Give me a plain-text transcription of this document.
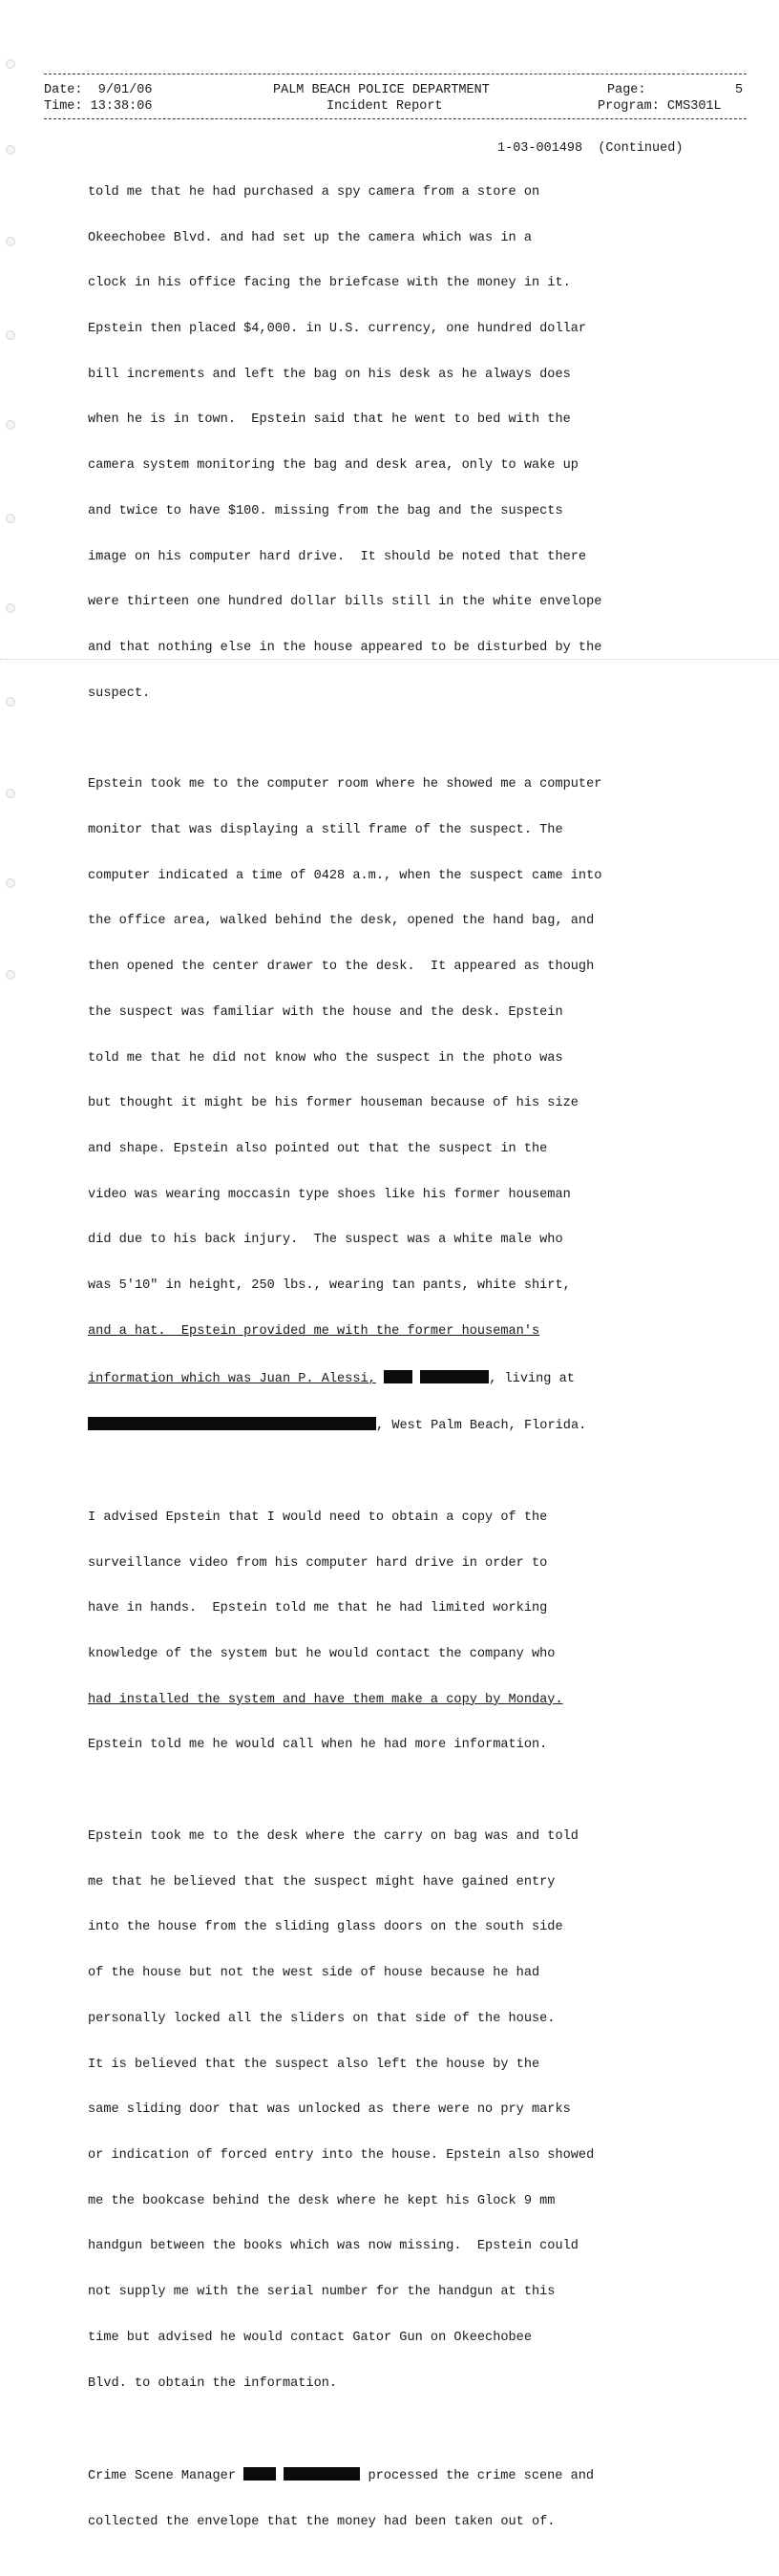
Date: 9/01/06	PALM BEACH POLICE DEPARTMENT	Page:	5
Time: 13:38:06	Incident Report	Program: CMS301L
1-03-001498 (Continued)

told me that he had purchased a spy camera from a store on

Okeechobee Blvd. and had set up the camera which was in a

clock in his office facing the briefcase with the money in it.

Epstein then placed $4,000. in U.S. currency, one hundred dollar

bill increments and left the bag on his desk as he always does

when he is in town.  Epstein said that he went to bed with the

camera system monitoring the bag and desk area, only to wake up

and twice to have $100. missing from the bag and the suspects

image on his computer hard drive.  It should be noted that there

were thirteen one hundred dollar bills still in the white envelope

and that nothing else in the house appeared to be disturbed by the

suspect.

Epstein took me to the computer room where he showed me a computer

monitor that was displaying a still frame of the suspect. The

computer indicated a time of 0428 a.m., when the suspect came into

the office area, walked behind the desk, opened the hand bag, and

then opened the center drawer to the desk.  It appeared as though

the suspect was familiar with the house and the desk. Epstein

told me that he did not know who the suspect in the photo was

but thought it might be his former houseman because of his size

and shape. Epstein also pointed out that the suspect in the

video was wearing moccasin type shoes like his former houseman

did due to his back injury.  The suspect was a white male who

was 5'10" in height, 250 lbs., wearing tan pants, white shirt,

and a hat.  Epstein provided me with the former houseman's

information which was Juan P. Alessi,	, living at

, West Palm Beach, Florida.

I advised Epstein that I would need to obtain a copy of the

surveillance video from his computer hard drive in order to

have in hands.  Epstein told me that he had limited working

knowledge of the system but he would contact the company who

had installed the system and have them make a copy by Monday.

Epstein told me he would call when he had more information.

Epstein took me to the desk where the carry on bag was and told

me that he believed that the suspect might have gained entry

into the house from the sliding glass doors on the south side

of the house but not the west side of house because he had

personally locked all the sliders on that side of the house.

It is believed that the suspect also left the house by the

same sliding door that was unlocked as there were no pry marks

or indication of forced entry into the house. Epstein also showed

me the bookcase behind the desk where he kept his Glock 9 mm

handgun between the books which was now missing.  Epstein could

not supply me with the serial number for the handgun at this

time but advised he would contact Gator Gun on Okeechobee

Blvd. to obtain the information.

Crime Scene Manager	processed the crime scene and

collected the envelope that the money had been taken out of.
